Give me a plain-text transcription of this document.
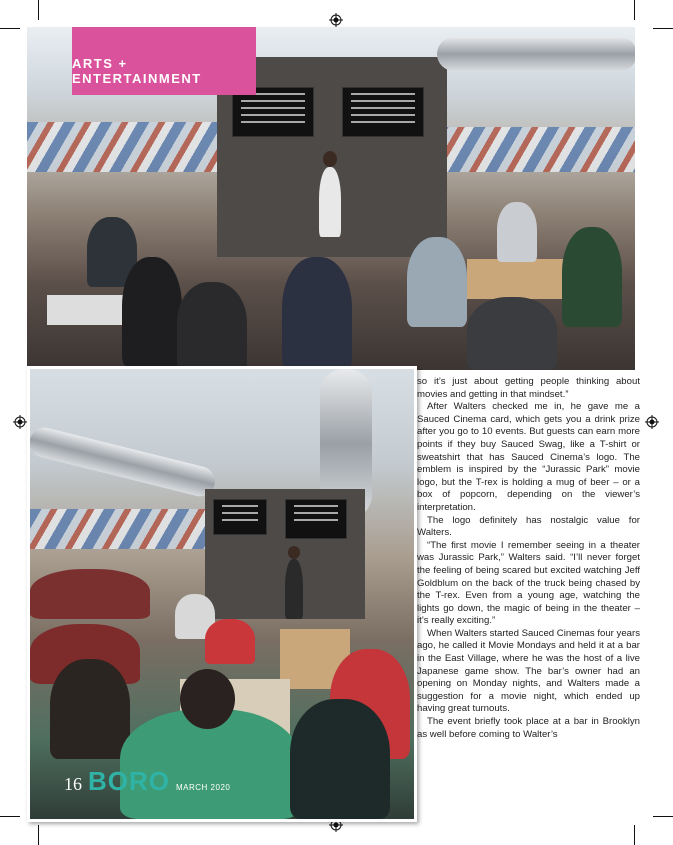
ARTS + ENTERTAINMENT
16 BORO MARCH 2020

so it’s just about getting people thinking about movies and getting in that mindset.”

After Walters checked me in, he gave me a Sauced Cinema card, which gets you a drink prize after you go to 10 events. But guests can earn more points if they buy Sauced Swag, like a T-shirt or sweatshirt that has Sauced Cinema’s logo. The emblem is inspired by the “Jurassic Park” movie logo, but the T-rex is holding a mug of beer – or a box of popcorn, depending on the viewer’s interpretation.

The logo definitely has nostalgic value for Walters.

“The first movie I remember seeing in a theater was Jurassic Park,” Walters said. “I’ll never forget the feeling of being scared but excited watching Jeff Goldblum on the back of the truck being chased by the T-rex. Even from a young age, watching the lights go down, the magic of being in the theater – it’s really exciting.”

When Walters started Sauced Cinemas four years ago, he called it Movie Mondays and held it at a bar in the East Village, where he was the host of a live Japanese game show. The bar’s owner had an opening on Monday nights, and Walters made a suggestion for a movie night, which ended up having great turnouts.

The event briefly took place at a bar in Brooklyn as well before coming to Walter’s
